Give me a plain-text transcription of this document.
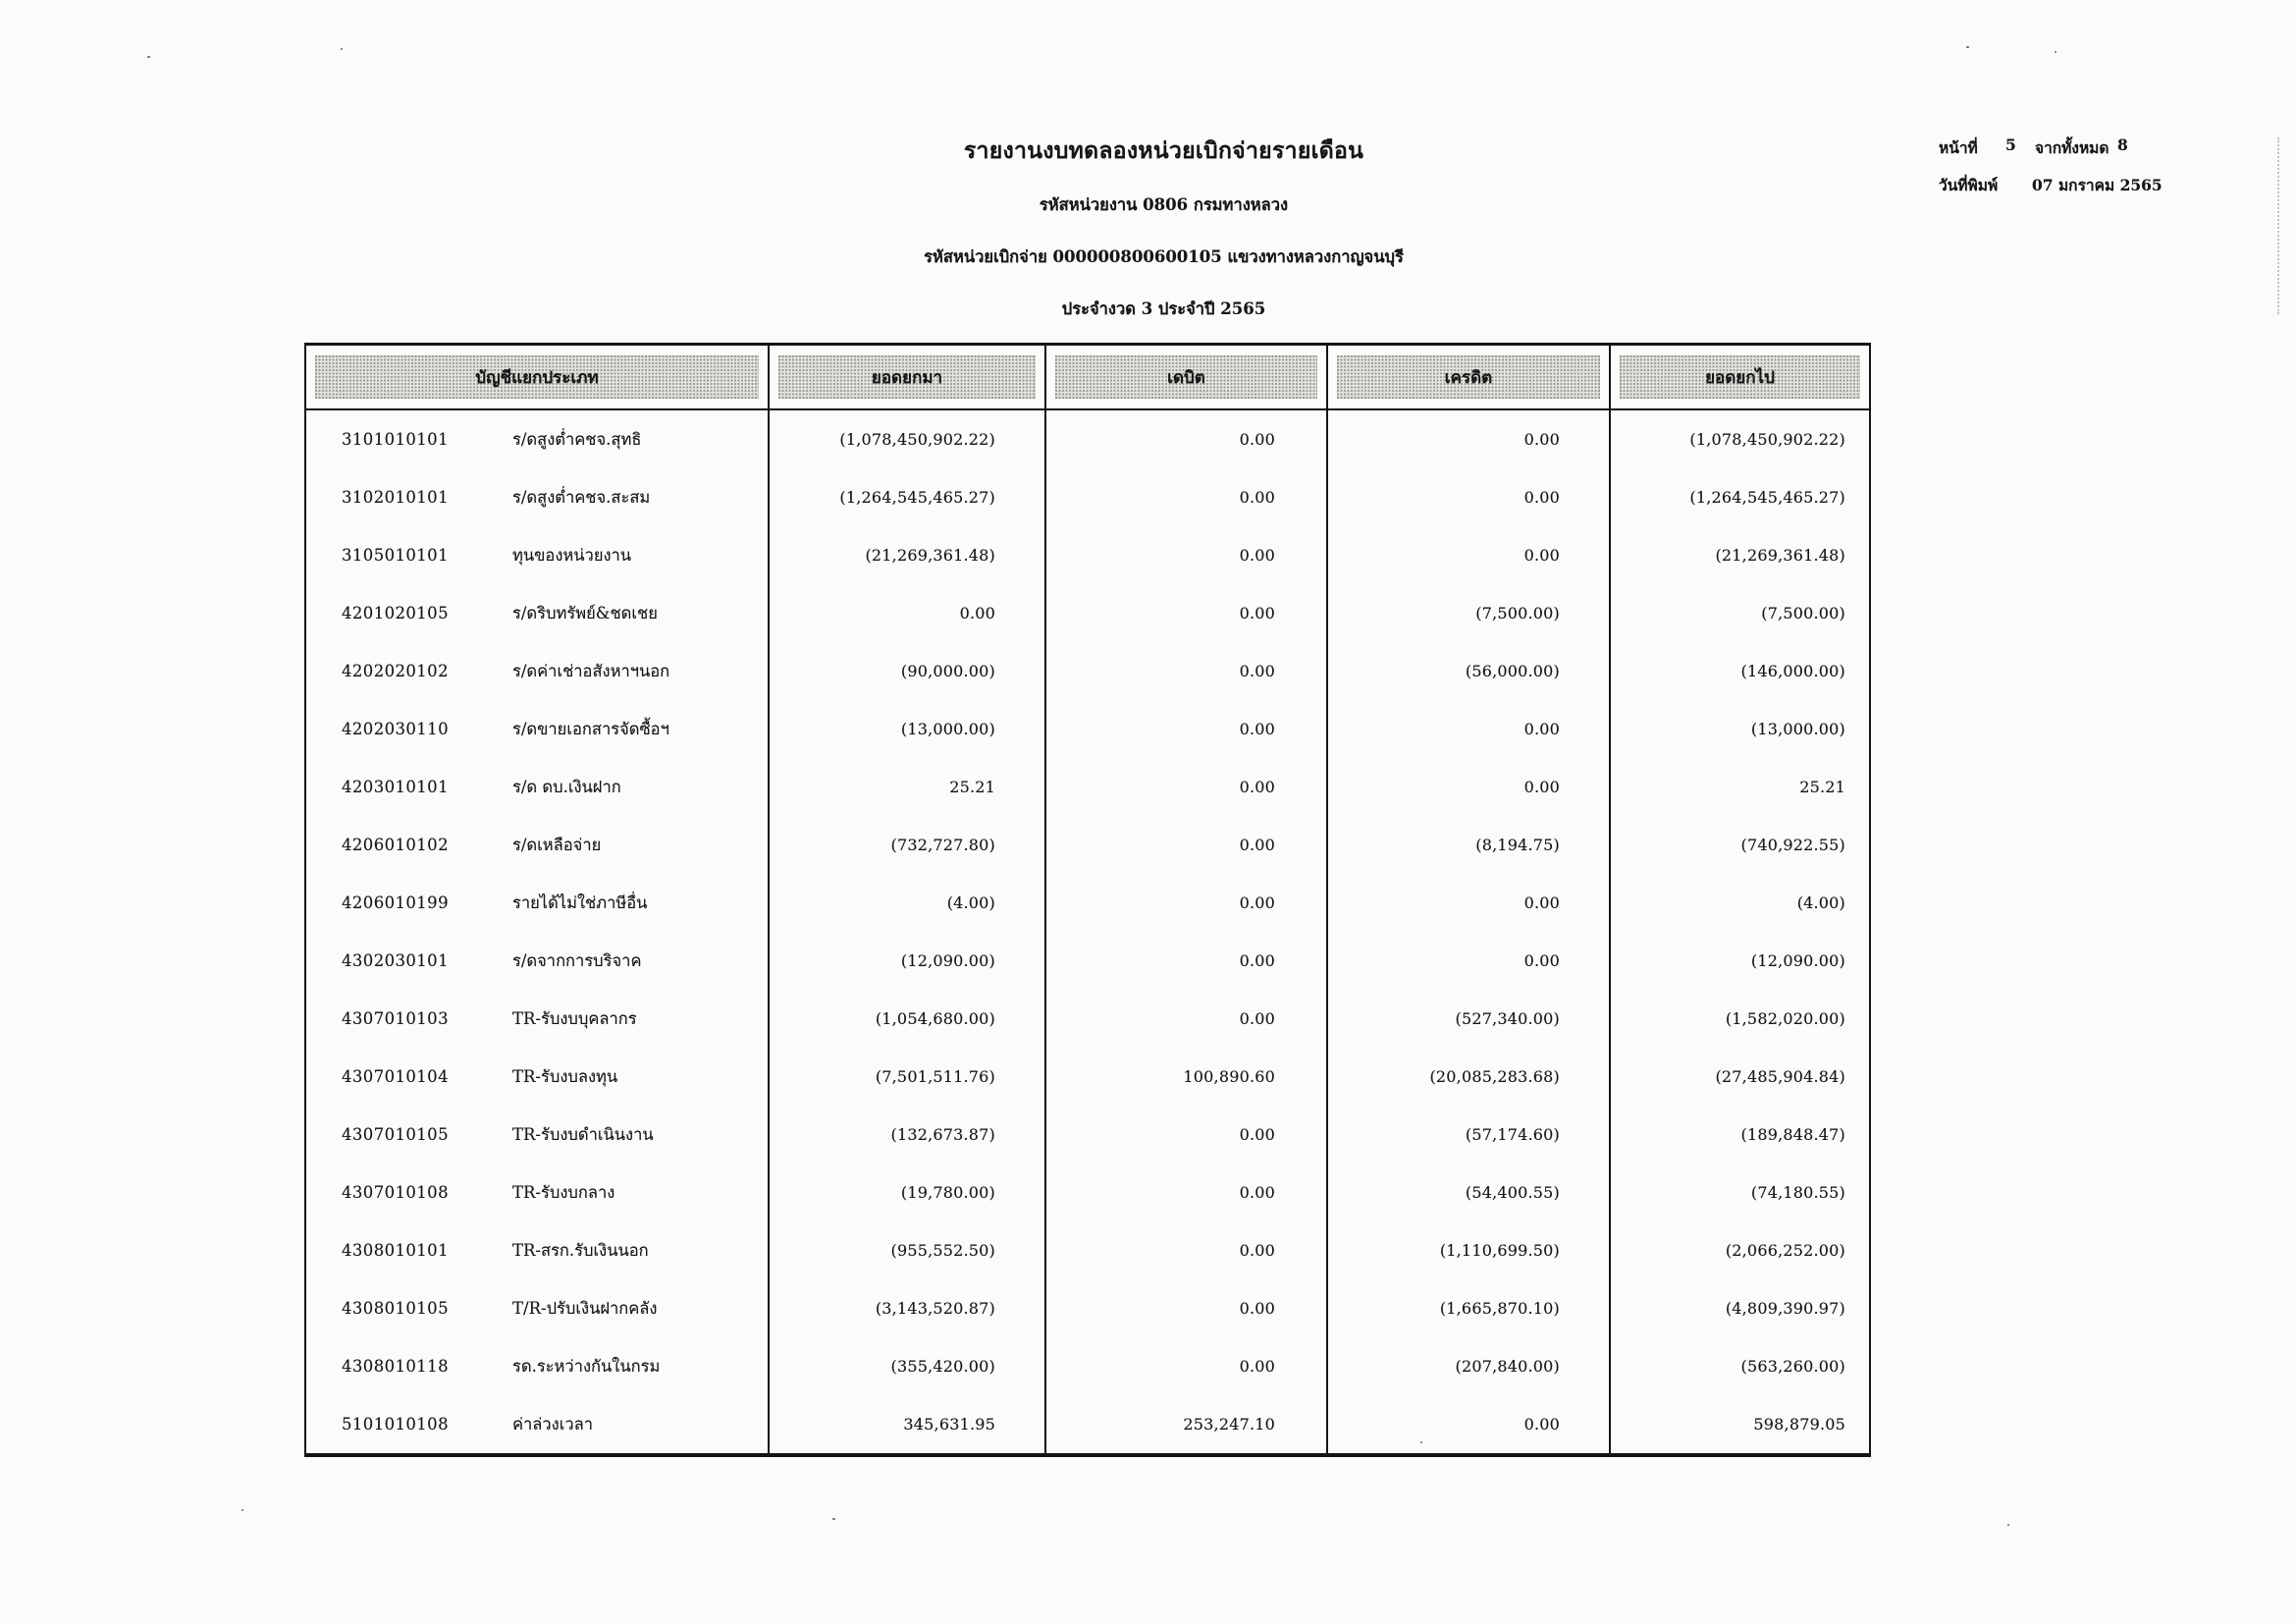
รายงานงบทดลองหน่วยเบิกจ่ายรายเดือน
รหัสหน่วยงาน 0806 กรมทางหลวง
รหัสหน่วยเบิกจ่าย 000000800600105 แขวงทางหลวงกาญจนบุรี
ประจำงวด 3 ประจำปี 2565
หน้าที่	5	จากทั้งหมด 8
วันที่พิมพ์	07 มกราคม 2565
บัญชีแยกประเภท	ยอดยกมา	เดบิต	เครดิต	ยอดยกไป
3101010101	ร/ดสูงต่ำคชจ.สุทธิ	(1,078,450,902.22)	0.00	0.00	(1,078,450,902.22)
3102010101	ร/ดสูงต่ำคชจ.สะสม	(1,264,545,465.27)	0.00	0.00	(1,264,545,465.27)
3105010101	ทุนของหน่วยงาน	(21,269,361.48)	0.00	0.00	(21,269,361.48)
4201020105	ร/ดริบทรัพย์&ชดเชย	0.00	0.00	(7,500.00)	(7,500.00)
4202020102	ร/ดค่าเช่าอสังหาฯนอก	(90,000.00)	0.00	(56,000.00)	(146,000.00)
4202030110	ร/ดขายเอกสารจัดซื้อฯ	(13,000.00)	0.00	0.00	(13,000.00)
4203010101	ร/ด ดบ.เงินฝาก	25.21	0.00	0.00	25.21
4206010102	ร/ดเหลือจ่าย	(732,727.80)	0.00	(8,194.75)	(740,922.55)
4206010199	รายได้ไม่ใช่ภาษีอื่น	(4.00)	0.00	0.00	(4.00)
4302030101	ร/ดจากการบริจาค	(12,090.00)	0.00	0.00	(12,090.00)
4307010103	TR-รับงบบุคลากร	(1,054,680.00)	0.00	(527,340.00)	(1,582,020.00)
4307010104	TR-รับงบลงทุน	(7,501,511.76)	100,890.60	(20,085,283.68)	(27,485,904.84)
4307010105	TR-รับงบดำเนินงาน	(132,673.87)	0.00	(57,174.60)	(189,848.47)
4307010108	TR-รับงบกลาง	(19,780.00)	0.00	(54,400.55)	(74,180.55)
4308010101	TR-สรก.รับเงินนอก	(955,552.50)	0.00	(1,110,699.50)	(2,066,252.00)
4308010105	T/R-ปรับเงินฝากคลัง	(3,143,520.87)	0.00	(1,665,870.10)	(4,809,390.97)
4308010118	รด.ระหว่างกันในกรม	(355,420.00)	0.00	(207,840.00)	(563,260.00)
5101010108	ค่าล่วงเวลา	345,631.95	253,247.10	0.00	598,879.05
